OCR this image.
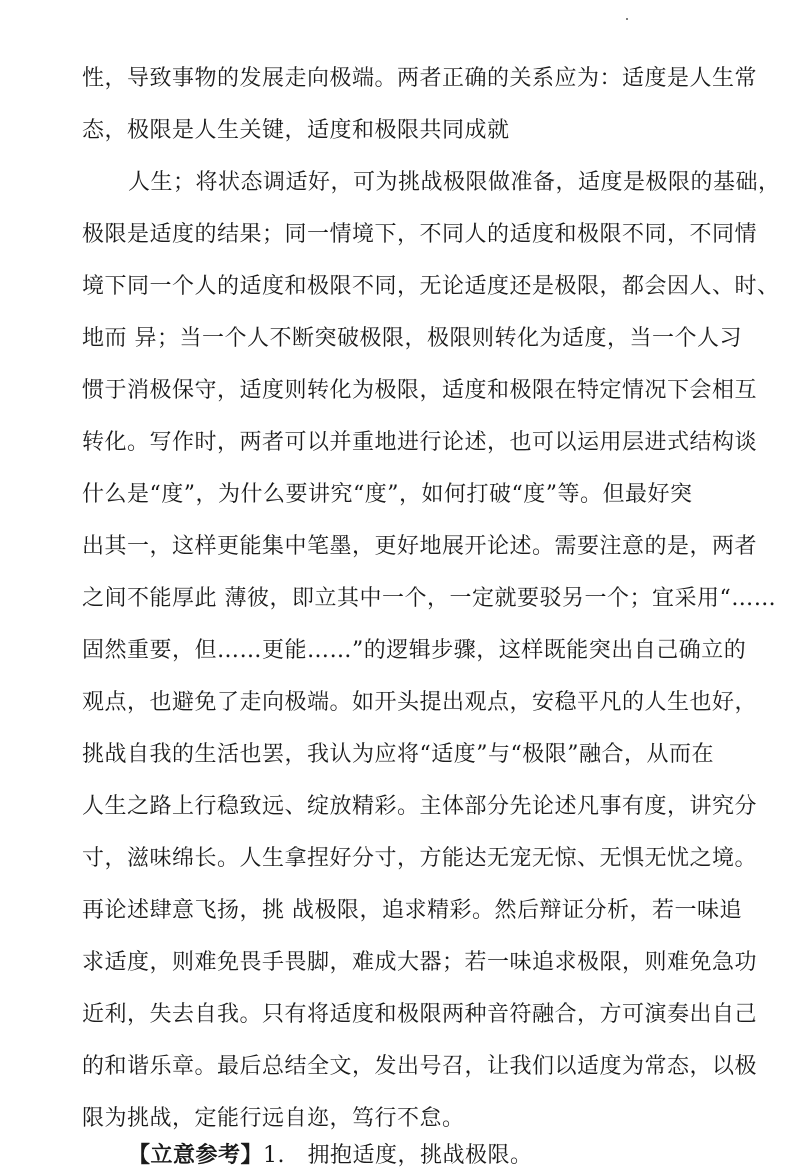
性，导致事物的发展走向极端。两者正确的关系应为：适度是人生常
态，极限是人生关键，适度和极限共同成就
人生；将状态调适好，可为挑战极限做准备，适度是极限的基础，
极限是适度的结果；同一情境下，不同人的适度和极限不同，不同情
境下同一个人的适度和极限不同，无论适度还是极限，都会因人、时、
地而 异；当一个人不断突破极限，极限则转化为适度，当一个人习
惯于消极保守，适度则转化为极限，适度和极限在特定情况下会相互
转化。写作时，两者可以并重地进行论述，也可以运用层进式结构谈
什么是“度”，为什么要讲究“度”，如何打破“度”等。但最好突
出其一，这样更能集中笔墨，更好地展开论述。需要注意的是，两者
之间不能厚此 薄彼，即立其中一个，一定就要驳另一个；宜采用“……
固然重要，但……更能……”的逻辑步骤，这样既能突出自己确立的
观点，也避免了走向极端。如开头提出观点，安稳平凡的人生也好，
挑战自我的生活也罢，我认为应将“适度”与“极限”融合，从而在
人生之路上行稳致远、绽放精彩。主体部分先论述凡事有度，讲究分
寸，滋味绵长。人生拿捏好分寸，方能达无宠无惊、无惧无忧之境。
再论述肆意飞扬，挑 战极限，追求精彩。然后辩证分析，若一味追
求适度，则难免畏手畏脚，难成大器；若一味追求极限，则难免急功
近利，失去自我。只有将适度和极限两种音符融合，方可演奏出自己
的和谐乐章。最后总结全文，发出号召，让我们以适度为常态，以极
限为挑战，定能行远自迩，笃行不怠。
【立意参考】1.　拥抱适度，挑战极限。
